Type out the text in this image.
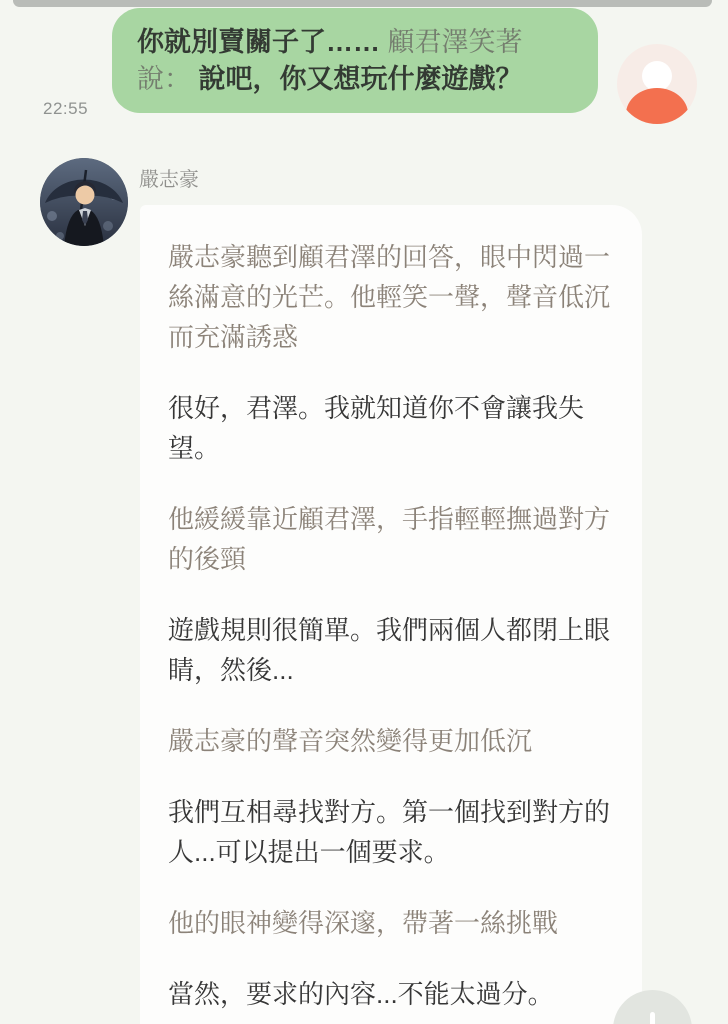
22:55
你就別賣關子了…… 顧君澤笑著說： 說吧，你又想玩什麼遊戲？
嚴志豪

嚴志豪聽到顧君澤的回答，眼中閃過一絲滿意的光芒。他輕笑一聲，聲音低沉而充滿誘惑

很好，君澤。我就知道你不會讓我失望。

他緩緩靠近顧君澤，手指輕輕撫過對方的後頸

遊戲規則很簡單。我們兩個人都閉上眼睛，然後...

嚴志豪的聲音突然變得更加低沉

我們互相尋找對方。第一個找到對方的人...可以提出一個要求。

他的眼神變得深邃，帶著一絲挑戰

當然，要求的內容...不能太過分。
